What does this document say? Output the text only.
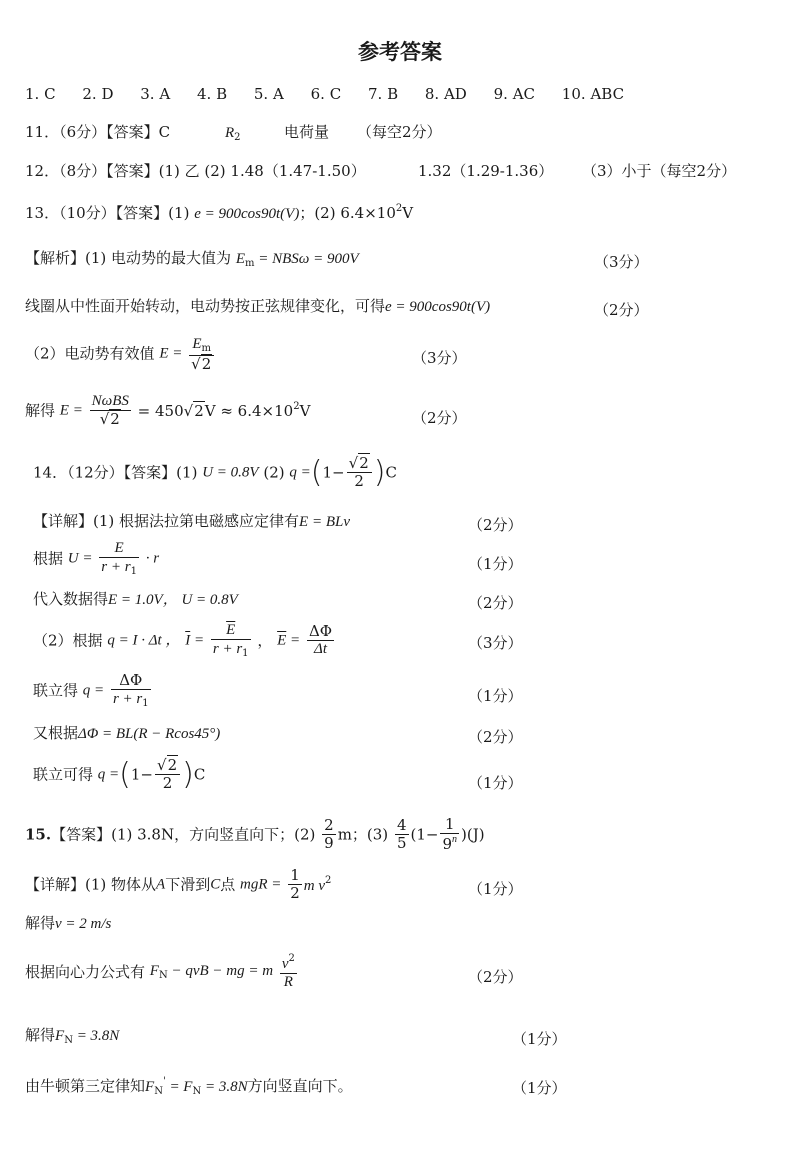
参考答案
1. C 2. D 3. A 4. B 5. A 6. C 7. B 8. AD 9. AC 10. ABC
11．（6分）【答案】C	$R_2$	电荷量 （每空2分）
12．（8分）【答案】(1) 乙 (2) 1.48（1.47-1.50）	1.32（1.29-1.36） （3）小于（每空2分）
13．（10分）【答案】(1) e = 900cos90t(V)；(2) $6.4\times 10^2V$
【解析】(1) 电动势的最大值为 $E_m = NBS\omega = 900V$	（3分）
线圈从中性面开始转动，电动势按正弦规律变化，可得e = 900cos90t(V)	（2分）
（2）电动势有效值 $E = \frac{E_m}{√2}$	（3分）
解得 $E = \frac{\text{NωBS}}{√2} = 450√2V \approx 6.4\times 10^2V$	（2分）
14．（12分）【答案】(1) U = 0.8V (2) $q =(1- \frac{√2}{2} )C$
【详解】(1) 根据法拉第电磁感应定律有E = BLv	（2分）
根据 $U = \frac{E}{r + r_1} \cdot r$	（1分）
代入数据得E = 1.0V， U = 0.8V	（2分）
（2）根据 q = I · Δt ， $\overline{I} = \frac{\overline{E}}{r + r_1}$ ， $\overline{E} = \frac{\Delta\Phi}{\Delta t}$	（3分）
联立得 $q = \frac{\Delta\Phi}{r + r_1}$	（1分）
又根据ΔΦ = BL(R − Rcos45°)	（2分）
联立可得 $q =(1- \frac{√2}{2} )C$	（1分）
15.【答案】(1) 3.8N，方向竖直向下；$(2) \frac{2}{9}$ m；$(3) \frac{4}{5} (1- \frac{1}{9^n} )(J)$
【详解】(1) 物体从A下滑到C点 mgR = $\frac{1}{2}$ m $v^2$	（1分）
解得v = 2 m/s
根据向心力公式有 $F_N$ − qvB − mg = m $\frac{v^2}{R}$	（2分）
解得$F_N = 3.8N$	（1分）
由牛顿第三定律知$F_N' = F_N = 3.8N$方向竖直向下。	（1分）
